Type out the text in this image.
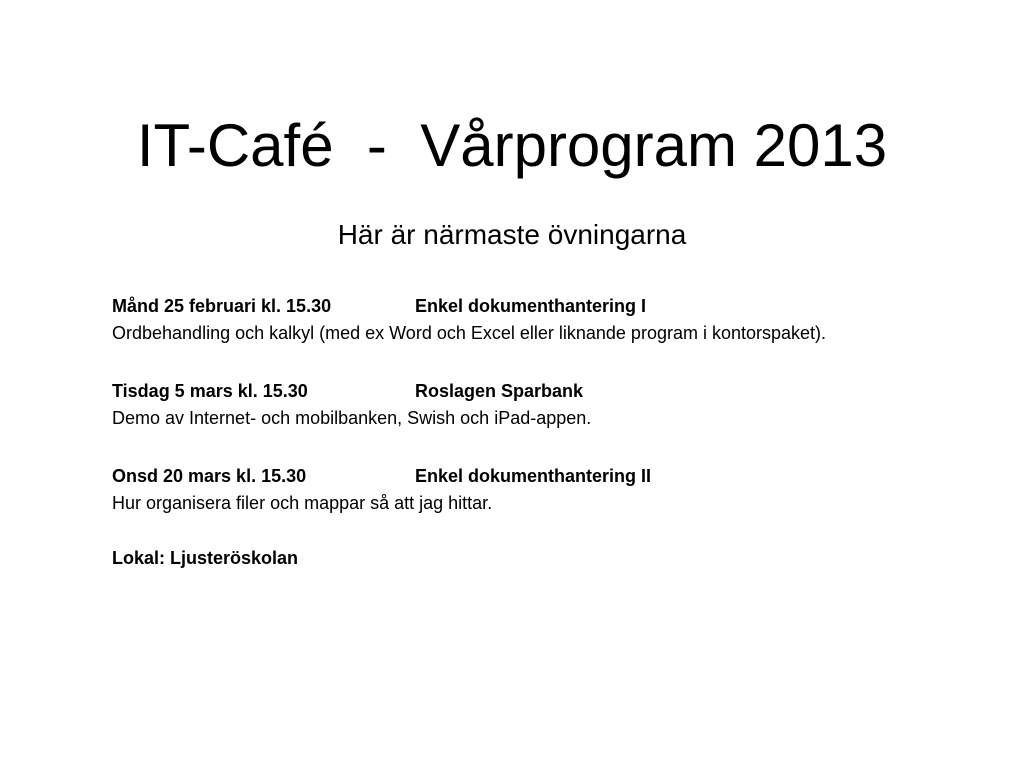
IT-Café  -  Vårprogram 2013
Här är närmaste övningarna
Månd 25 februari kl. 15.30	Enkel dokumenthantering I
Ordbehandling och kalkyl (med ex Word och Excel eller liknande program i kontorspaket).
Tisdag 5 mars kl. 15.30	Roslagen Sparbank
Demo av Internet- och mobilbanken, Swish och iPad-appen.
Onsd 20 mars kl. 15.30	Enkel dokumenthantering II
Hur organisera filer och mappar så att jag hittar.
Lokal: Ljusteröskolan
